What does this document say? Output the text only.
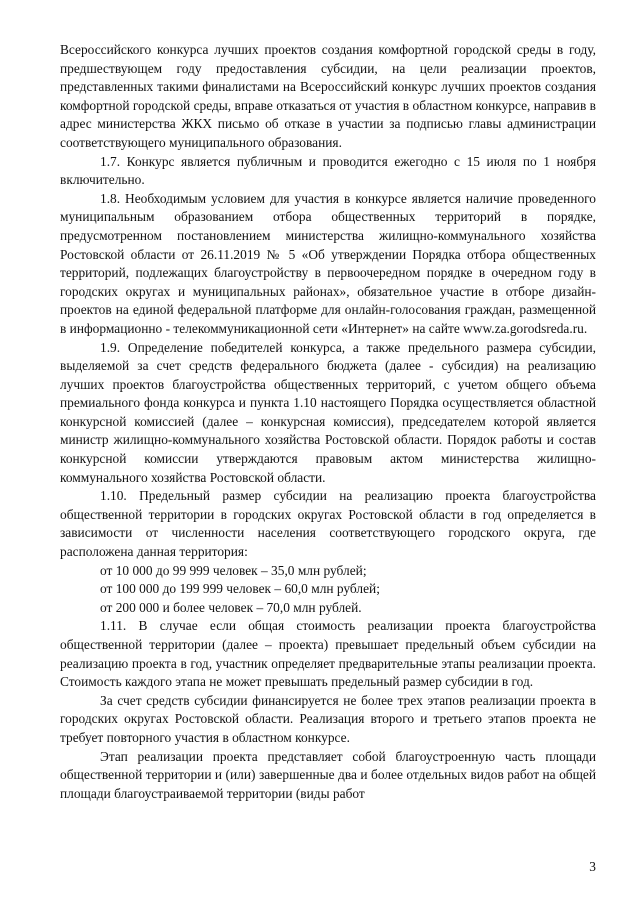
Всероссийского конкурса лучших проектов создания комфортной городской среды в году, предшествующем году предоставления субсидии, на цели реализации проектов, представленных такими финалистами на Всероссийский конкурс лучших проектов создания комфортной городской среды, вправе отказаться от участия в областном конкурсе, направив в адрес министерства ЖКХ письмо об отказе в участии за подписью главы администрации соответствующего муниципального образования.

1.7. Конкурс является публичным и проводится ежегодно с 15 июля по 1 ноября включительно.

1.8. Необходимым условием для участия в конкурсе является наличие проведенного муниципальным образованием отбора общественных территорий в порядке, предусмотренном постановлением министерства жилищно-коммунального хозяйства Ростовской области от 26.11.2019 № 5 «Об утверждении Порядка отбора общественных территорий, подлежащих благоустройству в первоочередном порядке в очередном году в городских округах и муниципальных районах», обязательное участие в отборе дизайн-проектов на единой федеральной платформе для онлайн-голосования граждан, размещенной в информационно - телекоммуникационной сети «Интернет» на сайте www.za.gorodsreda.ru.

1.9. Определение победителей конкурса, а также предельного размера субсидии, выделяемой за счет средств федерального бюджета (далее - субсидия) на реализацию лучших проектов благоустройства общественных территорий, с учетом общего объема премиального фонда конкурса и пункта 1.10 настоящего Порядка осуществляется областной конкурсной комиссией (далее – конкурсная комиссия), председателем которой является министр жилищно-коммунального хозяйства Ростовской области. Порядок работы и состав конкурсной комиссии утверждаются правовым актом министерства жилищно-коммунального хозяйства Ростовской области.

1.10. Предельный размер субсидии на реализацию проекта благоустройства общественной территории в городских округах Ростовской области в год определяется в зависимости от численности населения соответствующего городского округа, где расположена данная территория:

от 10 000 до 99 999 человек – 35,0 млн рублей;

от 100 000 до 199 999 человек – 60,0 млн рублей;

от 200 000 и более человек – 70,0 млн рублей.

1.11. В случае если общая стоимость реализации проекта благоустройства общественной территории (далее – проекта) превышает предельный объем субсидии на реализацию проекта в год, участник определяет предварительные этапы реализации проекта. Стоимость каждого этапа не может превышать предельный размер субсидии в год.

За счет средств субсидии финансируется не более трех этапов реализации проекта в городских округах Ростовской области. Реализация второго и третьего этапов проекта не требует повторного участия в областном конкурсе.

Этап реализации проекта представляет собой благоустроенную часть площади общественной территории и (или) завершенные два и более отдельных видов работ на общей площади благоустраиваемой территории (виды работ

3
